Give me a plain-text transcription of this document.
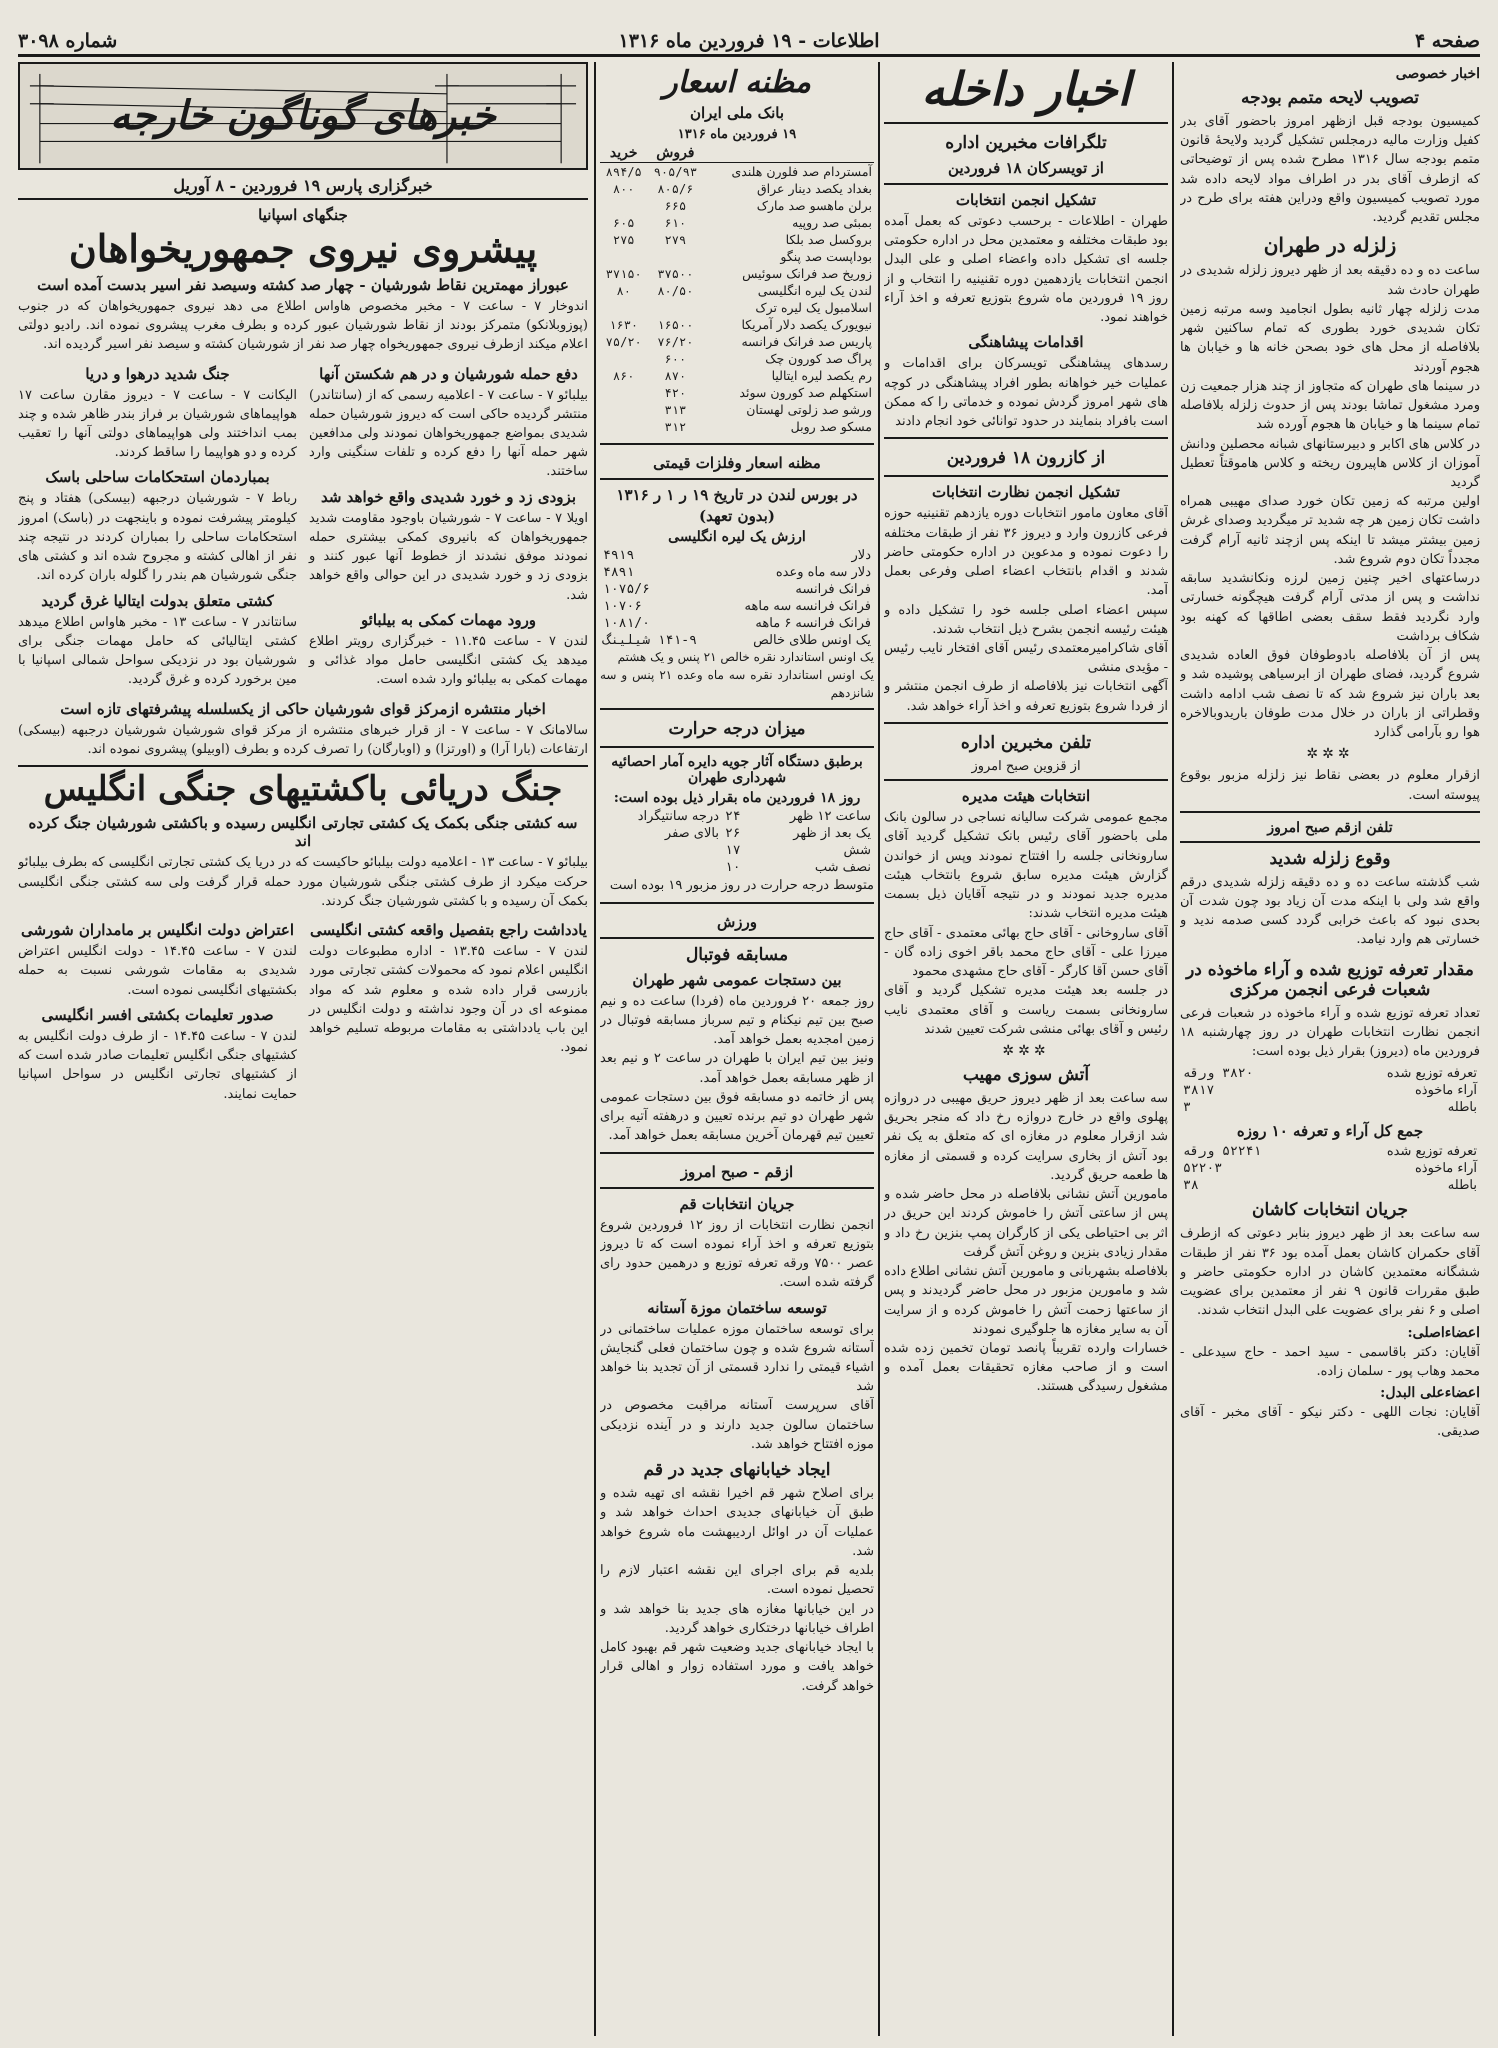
صفحه ۴
اطلاعات - ۱۹ فروردین ماه ۱۳۱۶
شماره ۳۰۹۸
اخبار خصوصی
تصویب لایحه متمم بودجه

کمیسیون بودجه قبل ازظهر امروز باحضور آقای بدر کفیل وزارت مالیه درمجلس تشکیل گردید ولایحهٔ قانون متمم بودجه سال ۱۳۱۶ مطرح شده پس از توضیحاتی که ازطرف آقای بدر در اطراف مواد لایحه داده شد مورد تصویب کمیسیون واقع ودراین هفته برای طرح در مجلس تقدیم گردید.

زلزله در طهران

ساعت ده و ده دقیقه بعد از ظهر دیروز زلزله شدیدی در طهران حادث شد
مدت زلزله چهار ثانیه بطول انجامید وسه مرتبه زمین تکان شدیدی خورد بطوری که تمام ساکنین شهر بلافاصله از محل های خود بصحن خانه ها و خیابان ها هجوم آوردند
در سینما های طهران که متجاوز از چند هزار جمعیت زن ومرد مشغول تماشا بودند پس از حدوث زلزله بلافاصله تمام سینما ها و خیابان ها هجوم آورده شد
در کلاس های اکابر و دبیرستانهای شبانه محصلین ودانش آموزان از کلاس هاپیرون ریخته و کلاس هاموقتاً تعطیل گردید
اولین مرتبه که زمین تکان خورد صدای مهیبی همراه داشت تکان زمین هر چه شدید تر میگردید وصدای غرش زمین بیشتر میشد تا اینکه پس ازچند ثانیه آرام گرفت مجدداً تکان دوم شروع شد.
درساعتهای اخیر چنین زمین لرزه ونکانشدید سابقه نداشت و پس از مدتی آرام گرفت هیچگونه خسارتی وارد نگردید فقط سقف بعضی اطاقها که کهنه بود شکاف برداشت
پس از آن بلافاصله بادوطوفان فوق العاده شدیدی شروع گردید، فضای طهران از ابرسیاهی پوشیده شد و بعد باران نیز شروع شد که تا نصف شب ادامه داشت وقطراتی از باران در خلال مدت طوفان باریدوبالاخره هوا رو بآرامی گذارد

✲✲✲

ازقرار معلوم در بعضی نقاط نیز زلزله مزبور بوقوع پیوسته است.

تلفن ازقم صبح امروز
وقوع زلزله شدید

شب گذشته ساعت ده و ده دقیقه زلزله شدیدی درقم واقع شد ولی با اینکه مدت آن زیاد بود چون شدت آن بحدی نبود که باعث خرابی گردد کسی صدمه ندید و خسارتی هم وارد نیامد.

مقدار تعرفه توزیع شده و آراء ماخوذه در شعبات فرعی انجمن مرکزی

تعداد تعرفه توزیع شده و آراء ماخوذه در شعبات فرعی انجمن نظارت انتخابات طهران در روز چهارشنبه ۱۸ فروردین ماه (دیروز) بقرار ذیل بوده است:

تعرفه توزیع شده	۳۸۲۰ ورقه
آراء ماخوذه	۳۸۱۷
باطله	۳
جمع کل آراء و تعرفه ۱۰ روزه
تعرفه توزیع شده	۵۲۲۴۱ ورقه
آراء ماخوذه	۵۲۲۰۳
باطله	۳۸
جریان انتخابات کاشان

سه ساعت بعد از ظهر دیروز بنابر دعوتی که ازطرف آقای حکمران کاشان بعمل آمده بود ۳۶ نفر از طبقات ششگانه معتمدین کاشان در اداره حکومتی حاضر و طبق مقررات قانون ۹ نفر از معتمدین برای عضویت اصلی و ۶ نفر برای عضویت علی البدل انتخاب شدند.

اعضاءاصلی:

آقایان: دکتر باقاسمی - سید احمد - حاج سیدعلی - محمد وهاب پور - سلمان زاده.

اعضاءعلی البدل:

آقایان: نجات اللهی - دکتر نیکو - آقای مخبر - آقای صدیقی.

اخبار داخله
تلگرافات مخبرین اداره
از تویسرکان ۱۸ فروردین
تشکیل انجمن انتخابات

طهران - اطلاعات - برحسب دعوتی که بعمل آمده بود طبقات مختلفه و معتمدین محل در اداره حکومتی جلسه ای تشکیل داده واعضاء اصلی و علی البدل انجمن انتخابات یازدهمین دوره تقنینیه را انتخاب و از روز ۱۹ فروردین ماه شروع بتوزیع تعرفه و اخذ آراء خواهند نمود.

اقدامات پیشاهنگی

رسدهای پیشاهنگی تویسرکان برای اقدامات و عملیات خیر خواهانه بطور افراد پیشاهنگی در کوچه های شهر امروز گردش نموده و خدماتی را که ممکن است بافراد بنمایند در حدود توانائی خود انجام دادند

از کازرون ۱۸ فروردین
تشکیل انجمن نظارت انتخابات

آقای معاون مامور انتخابات دوره یازدهم تقنینیه حوزه فرعی کازرون وارد و دیروز ۳۶ نفر از طبقات مختلفه را دعوت نموده و مدعوین در اداره حکومتی حاضر شدند و اقدام بانتخاب اعضاء اصلی وفرعی بعمل آمد.
سپس اعضاء اصلی جلسه خود را تشکیل داده و هیئت رئیسه انجمن بشرح ذیل انتخاب شدند.
آقای شاکرامیرمعتمدی رئیس آقای افتخار نایب رئیس - مؤیدی منشی
آگهی انتخابات نیز بلافاصله از طرف انجمن منتشر و از فردا شروع بتوزیع تعرفه و اخذ آراء خواهد شد.

تلفن مخبرین اداره
از قزوین صبح امروز
انتخابات هیئت مدیره

مجمع عمومی شرکت سالیانه نساجی در سالون بانک ملی باحضور آقای رئیس بانک تشکیل گردید آقای سارونخانی جلسه را افتتاح نمودند وپس از خواندن گزارش هیئت مدیره سابق شروع بانتخاب هیئت مدیره جدید نمودند و در نتیجه آقایان ذیل بسمت هیئت مدیره انتخاب شدند:
آقای ساروخانی - آقای حاج بهائی معتمدی - آقای حاج میرزا علی - آقای حاج محمد باقر اخوی زاده گان - آقای حسن آقا کارگر - آقای حاج مشهدی محمود
در جلسه بعد هیئت مدیره تشکیل گردید و آقای سارونخانی بسمت ریاست و آقای معتمدی نایب رئیس و آقای بهائی منشی شرکت تعیین شدند

✲✲✲
آتش سوزی مهیب

سه ساعت بعد از ظهر دیروز حریق مهیبی در دروازه پهلوی واقع در خارج دروازه رخ داد که منجر بحریق شد ازقرار معلوم در مغازه ای که متعلق به یک نفر بود آتش از بخاری سرایت کرده و قسمتی از مغازه ها طعمه حریق گردید.
مامورین آتش نشانی بلافاصله در محل حاضر شده و پس از ساعتی آتش را خاموش کردند این حریق در اثر بی احتیاطی یکی از کارگران پمپ بنزین رخ داد و مقدار زیادی بنزین و روغن آتش گرفت
بلافاصله بشهربانی و مامورین آتش نشانی اطلاع داده شد و مامورین مزبور در محل حاضر گردیدند و پس از ساعتها زحمت آتش را خاموش کرده و از سرایت آن به سایر مغازه ها جلوگیری نمودند
خسارات وارده تقریباً پانصد تومان تخمین زده شده است و از صاحب مغازه تحقیقات بعمل آمده و مشغول رسیدگی هستند.

مظنه اسعار
بانک ملی ایران
۱۹ فروردین ماه ۱۳۱۶
	فروش	خرید
آمستردام صد فلورن هلندی	۹۰۵/۹۳	۸۹۴/۵
بغداد یکصد دینار عراق	۸۰۵/۶	۸۰۰
برلن ماهسو صد مارک	۶۶۵	
بمبئی صد روپیه	۶۱۰	۶۰۵
بروکسل صد بلکا	۲۷۹	۲۷۵
بوداپست صد پنگو		
زوریخ صد فرانک سوئیس	۳۷۵۰۰	۳۷۱۵۰
لندن یک لیره انگلیسی	۸۰/۵۰	۸۰
اسلامبول یک لیره ترک		
نیویورک یکصد دلار آمریکا	۱۶۵۰۰	۱۶۳۰
پاریس صد فرانک فرانسه	۷۶/۲۰	۷۵/۲۰
پراگ صد کورون چک	۶۰۰	
رم یکصد لیره ایتالیا	۸۷۰	۸۶۰
استکهلم صد کورون سوئد	۴۲۰	
ورشو صد زلوتی لهستان	۳۱۳	
مسکو صد روبل	۳۱۲	
مظنه اسعار وفلزات قیمتی
در بورس لندن در تاریخ ۱۹ ر ۱ ر ۱۳۱۶
(بدون تعهد)
ارزش یک لیره انگلیسی
دلار	۴۹۱۹
دلار سه ماه وعده	۴۸۹۱
فرانک فرانسه	۱۰۷۵/۶
فرانک فرانسه سه ماهه	۱۰۷۰۶
فرانک فرانسه ۶ ماهه	۱۰۸۱/۰
یک اونس طلای خالص	۱۴۱-۹ شیلینگ

یک اونس استاندارد نقره خالص ۲۱ پنس و یک هشتم
یک اونس استاندارد نقره سه ماه وعده ۲۱ پنس و سه شانزدهم

میزان درجه حرارت
برطبق دستگاه آثار جویه دایره آمار احصائیه شهرداری طهران
روز ۱۸ فروردین ماه بقرار ذیل بوده است:
ساعت ۱۲ ظهر	۲۴	درجه سانتیگراد
یک بعد از ظهر	۲۶	بالای صفر
شش	۱۷	
نصف شب	۱۰	

متوسط درجه حرارت در روز مزبور ۱۹ بوده است

ورزش
مسابقه فوتبال
بین دستجات عمومی شهر طهران

روز جمعه ۲۰ فروردین ماه (فردا) ساعت ده و نیم صبح بین تیم نیکنام و تیم سرباز مسابقه فوتبال در زمین امجدیه بعمل خواهد آمد.
ونیز بین تیم ایران با طهران در ساعت ۲ و نیم بعد از ظهر مسابقه بعمل خواهد آمد.
پس از خاتمه دو مسابقه فوق بین دستجات عمومی شهر طهران دو تیم برنده تعیین و درهفته آتیه برای تعیین تیم قهرمان آخرین مسابقه بعمل خواهد آمد.

ازقم - صبح امروز
جریان انتخابات قم

انجمن نظارت انتخابات از روز ۱۲ فروردین شروع بتوزیع تعرفه و اخذ آراء نموده است که تا دیروز عصر ۷۵۰۰ ورقه تعرفه توزیع و درهمین حدود رای گرفته شده است.

توسعه ساختمان موزة آستانه

برای توسعه ساختمان موزه عملیات ساختمانی در آستانه شروع شده و چون ساختمان فعلی گنجایش اشیاء قیمتی را ندارد قسمتی از آن تجدید بنا خواهد شد
آقای سرپرست آستانه مراقبت مخصوص در ساختمان سالون جدید دارند و در آینده نزدیکی موزه افتتاح خواهد شد.

ایجاد خیابانهای جدید در قم

برای اصلاح شهر قم اخیرا نقشه ای تهیه شده و طبق آن خیابانهای جدیدی احداث خواهد شد و عملیات آن در اوائل اردیبهشت ماه شروع خواهد شد.
بلدیه قم برای اجرای این نقشه اعتبار لازم را تحصیل نموده است.
در این خیابانها مغازه های جدید بنا خواهد شد و اطراف خیابانها درختکاری خواهد گردید.
با ایجاد خیابانهای جدید وضعیت شهر قم بهبود کامل خواهد یافت و مورد استفاده زوار و اهالی قرار خواهد گرفت.

خبرهای گوناگون خارجه
خبرگزاری پارس ۱۹ فروردین - ۸ آوریل
جنگهای اسپانیا
پیشروی نیروی جمهوریخواهان
عبوراز مهمترین نقاط شورشیان - چهار صد کشته وسیصد نفر اسیر بدست آمده است

اندوخار ۷ - ساعت ۷ - مخبر مخصوص هاواس اطلاع می دهد نیروی جمهوریخواهان که در جنوب (پوزوبلانکو) متمرکز بودند از نقاط شورشیان عبور کرده و بطرف مغرب پیشروی نموده اند. رادیو دولتی اعلام میکند ازطرف نیروی جمهوریخواه چهار صد نفر از شورشیان کشته و سیصد نفر اسیر گردیده اند.

دفع حمله شورشیان و در هم شکستن آنها

بیلبائو ۷ - ساعت ۷ - اعلامیه رسمی که از (سانتاندر) منتشر گردیده حاکی است که دیروز شورشیان حمله شدیدی بمواضع جمهوریخواهان نمودند ولی مدافعین شهر حمله آنها را دفع کرده و تلفات سنگینی وارد ساختند.

بزودی زد و خورد شدیدی واقع خواهد شد

اویلا ۷ - ساعت ۷ - شورشیان باوجود مقاومت شدید جمهوریخواهان که بانیروی کمکی بیشتری حمله نمودند موفق نشدند از خطوط آنها عبور کنند و بزودی زد و خورد شدیدی در این حوالی واقع خواهد شد.

ورود مهمات کمکی به بیلبائو

لندن ۷ - ساعت ۱۱.۴۵ - خبرگزاری رویتر اطلاع میدهد یک کشتی انگلیسی حامل مواد غذائی و مهمات کمکی به بیلبائو وارد شده است.

جنگ شدید درهوا و دریا

الیکانت ۷ - ساعت ۷ - دیروز مقارن ساعت ۱۷ هواپیماهای شورشیان بر فراز بندر ظاهر شده و چند بمب انداختند ولی هواپیماهای دولتی آنها را تعقیب کرده و دو هواپیما را ساقط کردند.

بمباردمان استحکامات ساحلی باسک

رباط ۷ - شورشیان درجبهه (بیسکی) هفتاد و پنج کیلومتر پیشرفت نموده و باینجهت در (باسک) امروز استحکامات ساحلی را بمباران کردند در نتیجه چند نفر از اهالی کشته و مجروح شده اند و کشتی های جنگی شورشیان هم بندر را گلوله باران کرده اند.

کشتی متعلق بدولت ایتالیا غرق گردید

سانتاندر ۷ - ساعت ۱۳ - مخبر هاواس اطلاع میدهد کشتی ایتالیائی که حامل مهمات جنگی برای شورشیان بود در نزدیکی سواحل شمالی اسپانیا با مین برخورد کرده و غرق گردید.

اخبار منتشره ازمرکز قوای شورشیان حاکی از یکسلسله پیشرفتهای تازه است

سالامانک ۷ - ساعت ۷ - از قرار خبرهای منتشره از مرکز قوای شورشیان شورشیان درجبهه (بیسکی) ارتفاعات (بارا آرا) و (اورتزا) و (اوبارگان) را تصرف کرده و بطرف (اوبیلو) پیشروی نموده اند.

جنگ دریائی باکشتیهای جنگی انگلیس
سه کشتی جنگی بکمک یک کشتی تجارتی انگلیس رسیده و باکشتی شورشیان جنگ کرده اند

بیلبائو ۷ - ساعت ۱۳ - اعلامیه دولت بیلبائو حاکیست که در دریا یک کشتی تجارتی انگلیسی که بطرف بیلبائو حرکت میکرد از طرف کشتی جنگی شورشیان مورد حمله قرار گرفت ولی سه کشتی جنگی انگلیسی بکمک آن رسیده و با کشتی شورشیان جنگ کردند.

یادداشت راجع بتفصیل واقعه کشتی انگلیسی

لندن ۷ - ساعت ۱۳.۴۵ - اداره مطبوعات دولت انگلیس اعلام نمود که محمولات کشتی تجارتی مورد بازرسی قرار داده شده و معلوم شد که مواد ممنوعه ای در آن وجود نداشته و دولت انگلیس در این باب یادداشتی به مقامات مربوطه تسلیم خواهد نمود.

اعتراض دولت انگلیس بر مامداران شورشی

لندن ۷ - ساعت ۱۴.۴۵ - دولت انگلیس اعتراض شدیدی به مقامات شورشی نسبت به حمله بکشتیهای انگلیسی نموده است.

صدور تعلیمات بکشتی افسر انگلیسی

لندن ۷ - ساعت ۱۴.۴۵ - از طرف دولت انگلیس به کشتیهای جنگی انگلیس تعلیمات صادر شده است که از کشتیهای تجارتی انگلیس در سواحل اسپانیا حمایت نمایند.
